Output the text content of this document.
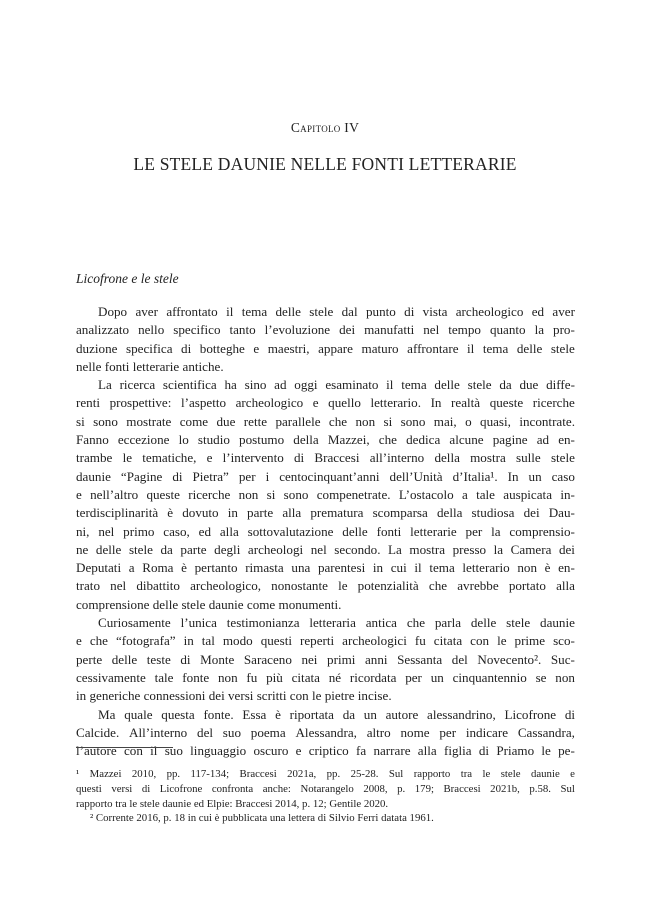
Capitolo IV
LE STELE DAUNIE NELLE FONTI LETTERARIE
Licofrone e le stele
Dopo aver affrontato il tema delle stele dal punto di vista archeologico ed aver
analizzato nello specifico tanto l’evoluzione dei manufatti nel tempo quanto la pro-
duzione specifica di botteghe e maestri, appare maturo affrontare il tema delle stele
nelle fonti letterarie antiche.
La ricerca scientifica ha sino ad oggi esaminato il tema delle stele da due diffe-
renti prospettive: l’aspetto archeologico e quello letterario. In realtà queste ricerche
si sono mostrate come due rette parallele che non si sono mai, o quasi, incontrate.
Fanno eccezione lo studio postumo della Mazzei, che dedica alcune pagine ad en-
trambe le tematiche, e l’intervento di Braccesi all’interno della mostra sulle stele
daunie “Pagine di Pietra” per i centocinquant’anni dell’Unità d’Italia¹. In un caso
e nell’altro queste ricerche non si sono compenetrate. L’ostacolo a tale auspicata in-
terdisciplinarità è dovuto in parte alla prematura scomparsa della studiosa dei Dau-
ni, nel primo caso, ed alla sottovalutazione delle fonti letterarie per la comprensio-
ne delle stele da parte degli archeologi nel secondo. La mostra presso la Camera dei
Deputati a Roma è pertanto rimasta una parentesi in cui il tema letterario non è en-
trato nel dibattito archeologico, nonostante le potenzialità che avrebbe portato alla
comprensione delle stele daunie come monumenti.
Curiosamente l’unica testimonianza letteraria antica che parla delle stele daunie
e che “fotografa” in tal modo questi reperti archeologici fu citata con le prime sco-
perte delle teste di Monte Saraceno nei primi anni Sessanta del Novecento². Suc-
cessivamente tale fonte non fu più citata né ricordata per un cinquantennio se non
in generiche connessioni dei versi scritti con le pietre incise.
Ma quale questa fonte. Essa è riportata da un autore alessandrino, Licofrone di
Calcide. All’interno del suo poema Alessandra, altro nome per indicare Cassandra,
l’autore con il suo linguaggio oscuro e criptico fa narrare alla figlia di Priamo le pe-
¹ Mazzei 2010, pp. 117-134; Braccesi 2021a, pp. 25-28. Sul rapporto tra le stele daunie e
questi versi di Licofrone confronta anche: Notarangelo 2008, p. 179; Braccesi 2021b, p.58. Sul
rapporto tra le stele daunie ed Elpie: Braccesi 2014, p. 12; Gentile 2020.
² Corrente 2016, p. 18 in cui è pubblicata una lettera di Silvio Ferri datata 1961.
